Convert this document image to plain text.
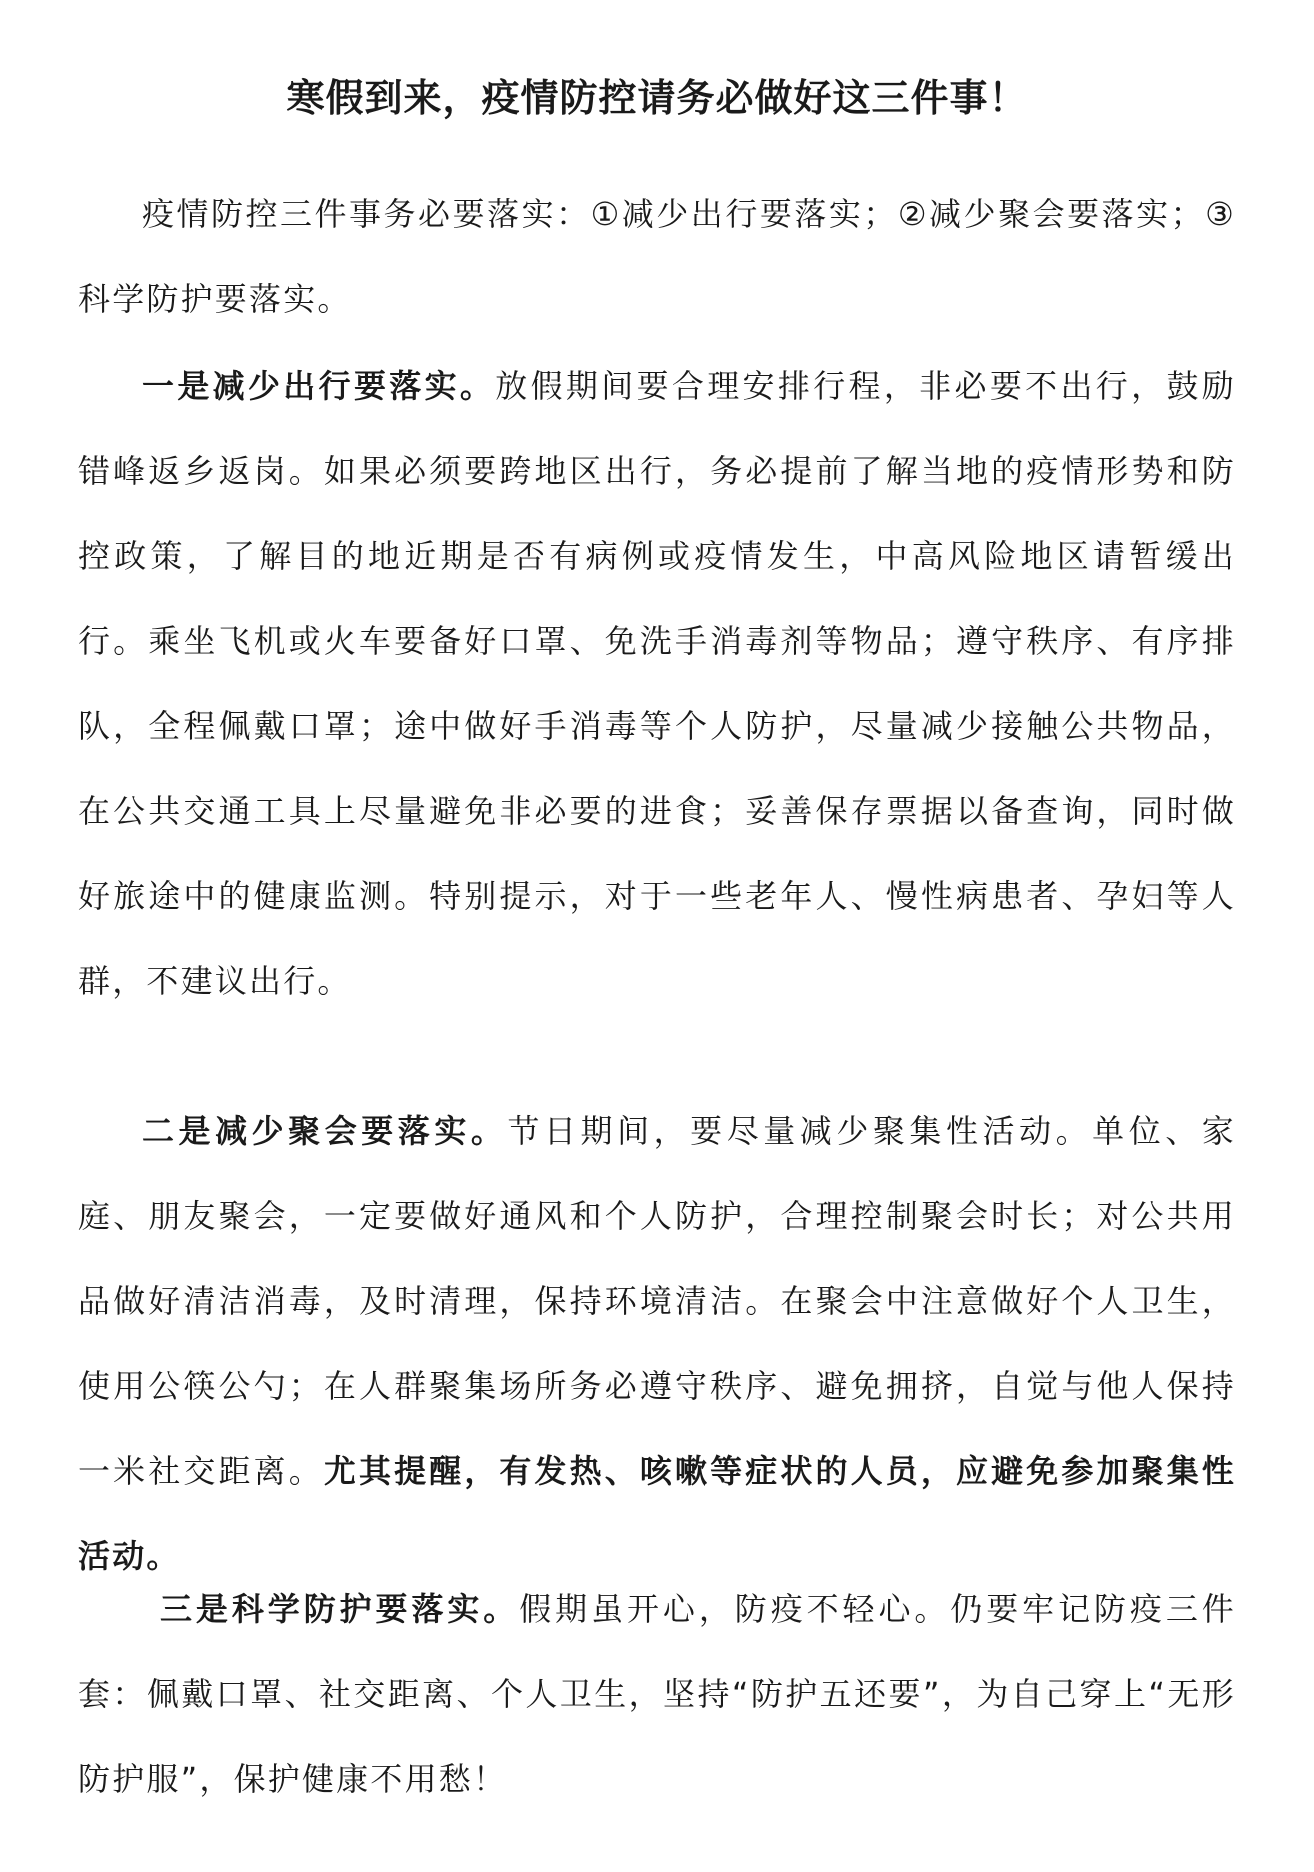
寒假到来，疫情防控请务必做好这三件事！

疫情防控三件事务必要落实：①减少出行要落实；②减少聚会要落实；③科学防护要落实。

一是减少出行要落实。放假期间要合理安排行程，非必要不出行，鼓励错峰返乡返岗。如果必须要跨地区出行，务必提前了解当地的疫情形势和防控政策，了解目的地近期是否有病例或疫情发生，中高风险地区请暂缓出行。乘坐飞机或火车要备好口罩、免洗手消毒剂等物品；遵守秩序、有序排队，全程佩戴口罩；途中做好手消毒等个人防护，尽量减少接触公共物品，在公共交通工具上尽量避免非必要的进食；妥善保存票据以备查询，同时做好旅途中的健康监测。特别提示，对于一些老年人、慢性病患者、孕妇等人群，不建议出行。

二是减少聚会要落实。节日期间，要尽量减少聚集性活动。单位、家庭、朋友聚会，一定要做好通风和个人防护，合理控制聚会时长；对公共用品做好清洁消毒，及时清理，保持环境清洁。在聚会中注意做好个人卫生，使用公筷公勺；在人群聚集场所务必遵守秩序、避免拥挤，自觉与他人保持一米社交距离。尤其提醒，有发热、咳嗽等症状的人员，应避免参加聚集性活动。

三是科学防护要落实。假期虽开心，防疫不轻心。仍要牢记防疫三件套：佩戴口罩、社交距离、个人卫生，坚持“防护五还要”，为自己穿上“无形防护服”，保护健康不用愁！
